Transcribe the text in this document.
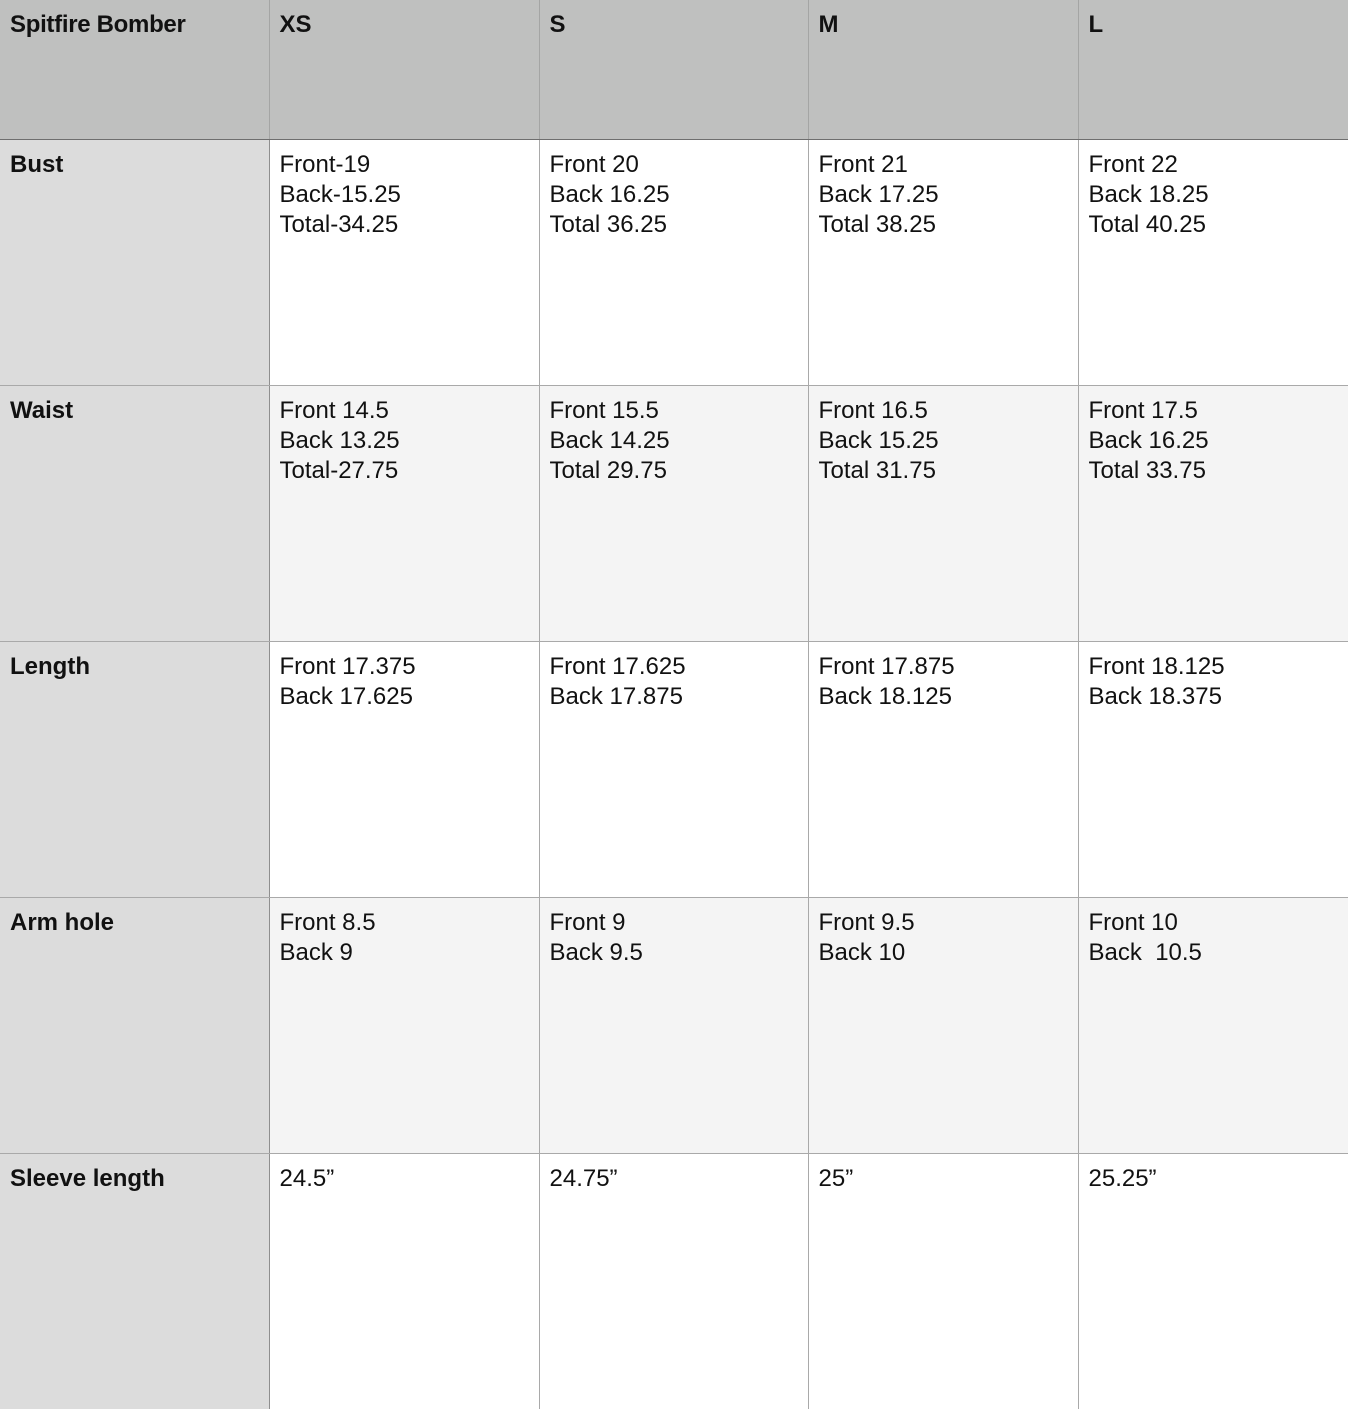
Spitfire Bomber	XS	S	M	L
Bust	Front-19
Back-15.25
Total-34.25	Front 20
Back 16.25
Total 36.25	Front 21
Back 17.25
Total 38.25	Front 22
Back 18.25
Total 40.25

Waist	Front 14.5
Back 13.25
Total-27.75	Front 15.5
Back 14.25
Total 29.75	Front 16.5
Back 15.25
Total 31.75	Front 17.5
Back 16.25
Total 33.75

Length	Front 17.375
Back 17.625	Front 17.625
Back 17.875	Front 17.875
Back 18.125	Front 18.125
Back 18.375

Arm hole	Front 8.5
Back 9	Front 9
Back 9.5	Front 9.5
Back 10	Front 10
Back  10.5

Sleeve length	24.5”	24.75”	25”	25.25”
